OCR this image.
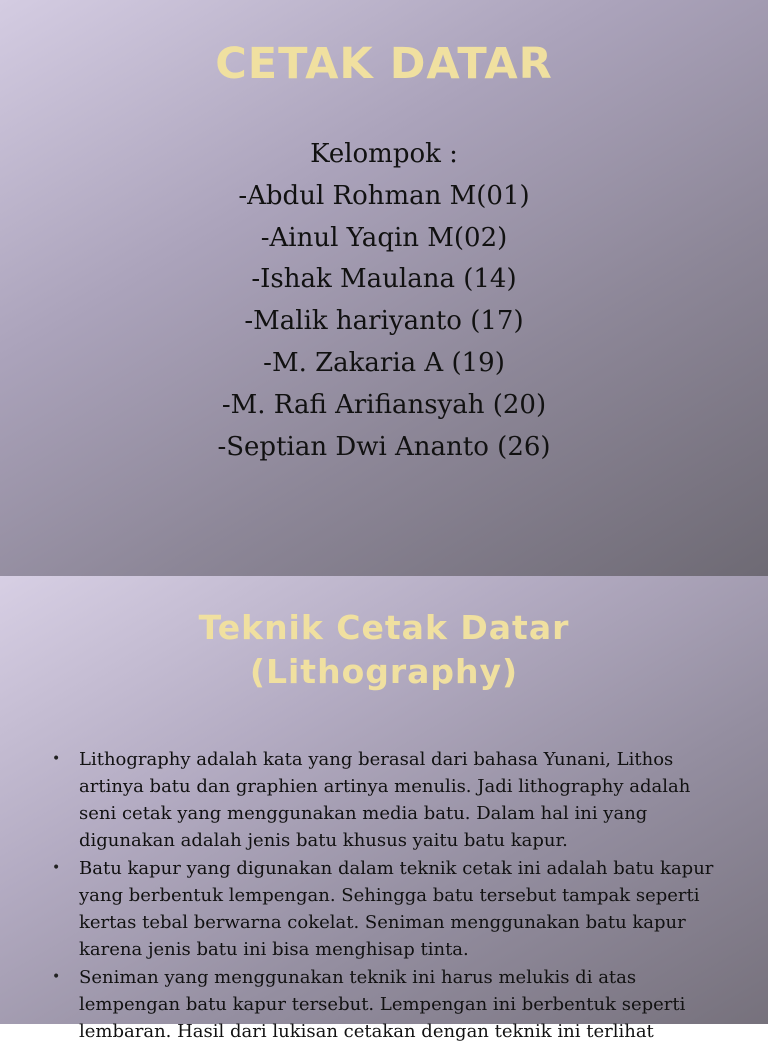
CETAK DATAR
Kelompok :
-Abdul Rohman M(01)
-Ainul Yaqin M(02)
-Ishak Maulana (14)
-Malik hariyanto (17)
-M. Zakaria A (19)
-M. Rafi Arifiansyah (20)
-Septian Dwi Ananto (26)
Teknik Cetak Datar
(Lithography)
• Lithography adalah kata yang berasal dari bahasa Yunani, Lithos artinya batu dan graphien artinya menulis. Jadi lithography adalah seni cetak yang menggunakan media batu. Dalam hal ini yang digunakan adalah jenis batu khusus yaitu batu kapur.
• Batu kapur yang digunakan dalam teknik cetak ini adalah batu kapur yang berbentuk lempengan. Sehingga batu tersebut tampak seperti kertas tebal berwarna cokelat. Seniman menggunakan batu kapur karena jenis batu ini bisa menghisap tinta.
• Seniman yang menggunakan teknik ini harus melukis di atas lempengan batu kapur tersebut. Lempengan ini berbentuk seperti lembaran. Hasil dari lukisan cetakan dengan teknik ini terlihat
